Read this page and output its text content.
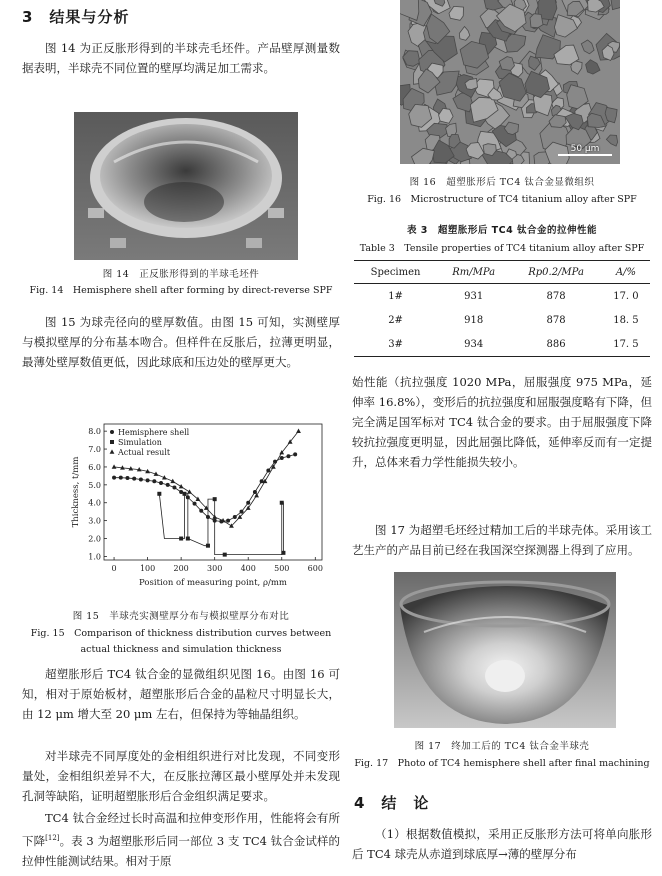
3　结果与分析
图 14 为正反胀形得到的半球壳毛坯件。产品壁厚测量数据表明，半球壳不同位置的壁厚均满足加工需求。
图 14　正反胀形得到的半球毛坯件
Fig. 14　Hemisphere shell after forming by direct-reverse SPF
图 15 为球壳径向的壁厚数值。由图 15 可知，实测壁厚与模拟壁厚的分布基本吻合。但样件在反胀后，拉薄更明显，最薄处壁厚数值更低，因此球底和压边处的壁厚更大。
0	100 200 300 400 500 600
1.0
2.0
3.0
4.0
5.0
6.0
7.0
8.0
Position of measuring point, ρ/mm
Thickness, t/mm
Hemisphere shell
Simulation
Actual result
图 15　半球壳实测壁厚分布与模拟壁厚分布对比
Fig. 15　Comparison of thickness distribution curves between
actual thickness and simulation thickness
超塑胀形后 TC4 钛合金的显微组织见图 16。由图 16 可知，相对于原始板材，超塑胀形后合金的晶粒尺寸明显长大，由 12 μm 增大至 20 μm 左右，但保持为等轴晶组织。
对半球壳不同厚度处的金相组织进行对比发现，不同变形量处，金相组织差异不大，在反胀拉薄区最小壁厚处并未发现孔洞等缺陷，证明超塑胀形后合金组织满足要求。
TC4 钛合金经过长时高温和拉伸变形作用，性能将会有所下降[12]。表 3 为超塑胀形后同一部位 3 支 TC4 钛合金试样的拉伸性能测试结果。相对于原
50 μm
图 16　超塑胀形后 TC4 钛合金显微组织
Fig. 16　Microstructure of TC4 titanium alloy after SPF
表 3　超塑胀形后 TC4 钛合金的拉伸性能
Table 3　Tensile properties of TC4 titanium alloy after SPF
Specimen	Rm/MPa	Rp0.2/MPa	A/%
1#	931	878	17. 0
2#	918	878	18. 5
3#	934	886	17. 5
始性能（抗拉强度 1020 MPa，屈服强度 975 MPa，延伸率 16.8%），变形后的抗拉强度和屈服强度略有下降，但完全满足国军标对 TC4 钛合金的要求。由于屈服强度下降较抗拉强度更明显，因此屈强比降低，延伸率反而有一定提升，总体来看力学性能损失较小。
图 17 为超塑毛坯经过精加工后的半球壳体。采用该工艺生产的产品目前已经在我国深空探测器上得到了应用。
图 17　终加工后的 TC4 钛合金半球壳
Fig. 17　Photo of TC4 hemisphere shell after final machining
4　结　论
（1）根据数值模拟，采用正反胀形方法可将单向胀形后 TC4 球壳从赤道到球底厚→薄的壁厚分布
